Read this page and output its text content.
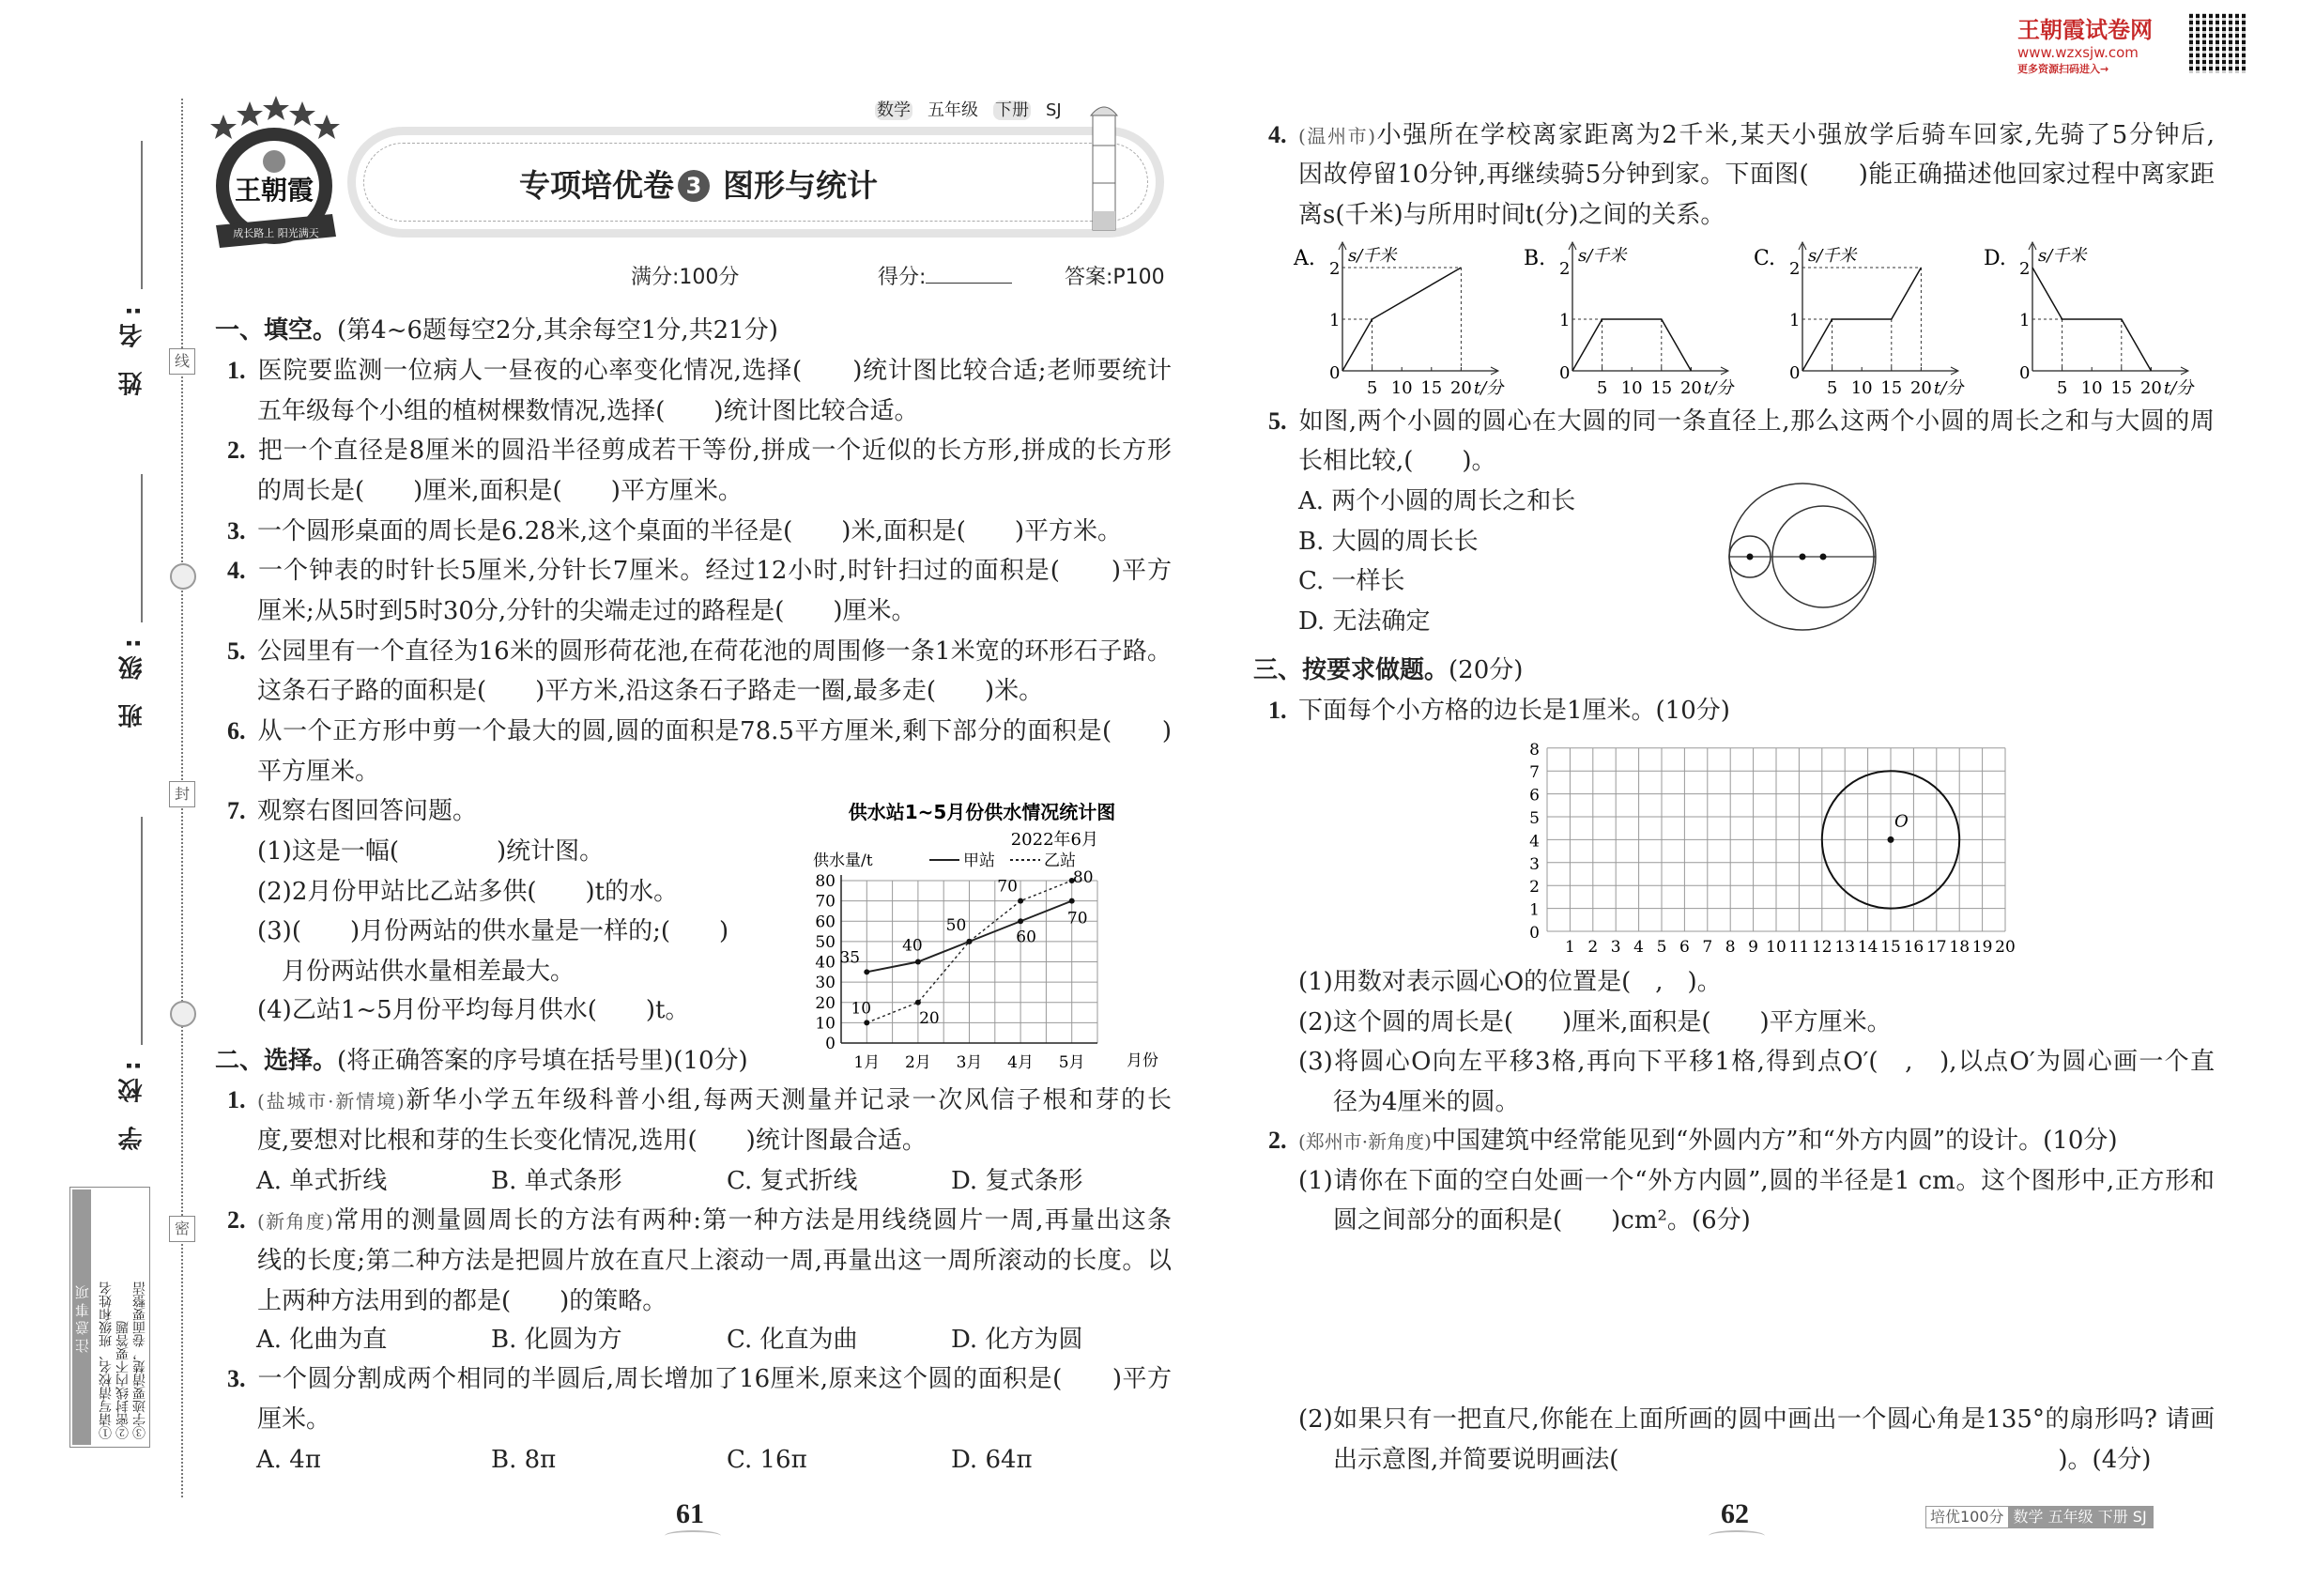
王朝霞试卷网
www.wzxsjw.com
更多资源扫码进入→
线
封
密
姓 名:
班 级:
学 校:
注意事项 ①请写清校名、班级和姓名 ②密封线内不要答题 ③字迹要清楚，卷面要整洁
王朝霞
成长路上 阳光满天
数学 五年级 下册 SJ
专项培优卷 3 图形与统计
满分:100分	得分:	答案:P100
一、填空。(第4~6题每空2分,其余每空1分,共21分)
1. 医院要监测一位病人一昼夜的心率变化情况,选择(　　)统计图比较合适;老师要统计
五年级每个小组的植树棵数情况,选择(　　)统计图比较合适。
2. 把一个直径是8厘米的圆沿半径剪成若干等份,拼成一个近似的长方形,拼成的长方形
的周长是(　　)厘米,面积是(　　)平方厘米。
3. 一个圆形桌面的周长是6.28米,这个桌面的半径是(　　)米,面积是(　　)平方米。
4. 一个钟表的时针长5厘米,分针长7厘米。经过12小时,时针扫过的面积是(　　)平方
厘米;从5时到5时30分,分针的尖端走过的路程是(　　)厘米。
5. 公园里有一个直径为16米的圆形荷花池,在荷花池的周围修一条1米宽的环形石子路。
这条石子路的面积是(　　)平方米,沿这条石子路走一圈,最多走(　　)米。
6. 从一个正方形中剪一个最大的圆,圆的面积是78.5平方厘米,剩下部分的面积是(　　)
平方厘米。
7. 观察右图回答问题。
(1)这是一幅(　　　　)统计图。
(2)2月份甲站比乙站多供(　　)t的水。
(3)(　　)月份两站的供水量是一样的;(　　)
月份两站供水量相差最大。
(4)乙站1~5月份平均每月供水(　　)t。
供水站1~5月份供水情况统计图
2022年6月
供水量/t	甲站	乙站
月份
0
10
20
30
40
50
60
70
80
1月 2月 3月 4月 5月
35
40
50
60
70
10
20
70	80
二、选择。(将正确答案的序号填在括号里)(10分)
1. (盐城市·新情境)新华小学五年级科普小组,每两天测量并记录一次风信子根和芽的长
度,要想对比根和芽的生长变化情况,选用(　　)统计图最合适。
A. 单式折线	B. 单式条形	C. 复式折线	D. 复式条形
2. (新角度)常用的测量圆周长的方法有两种:第一种方法是用线绕圆片一周,再量出这条
线的长度;第二种方法是把圆片放在直尺上滚动一周,再量出这一周所滚动的长度。以
上两种方法用到的都是(　　)的策略。
A. 化曲为直	B. 化圆为方	C. 化直为曲	D. 化方为圆
3. 一个圆分割成两个相同的半圆后,周长增加了16厘米,原来这个圆的面积是(　　)平方
厘米。
A. 4π	B. 8π	C. 16π	D. 64π
61
4. (温州市)小强所在学校离家距离为2千米,某天小强放学后骑车回家,先骑了5分钟后,
因故停留10分钟,再继续骑5分钟到家。下面图(　　)能正确描述他回家过程中离家距
离s(千米)与所用时间t(分)之间的关系。
A. s/千米
0
1
2
5 10 15 20 t/分
B. s/千米
0
1
2
5 10 15 20 t/分
C. s/千米
0
1
2
5 10 15 20 t/分
D. s/千米
0
1
2
5 10 15 20 t/分
5. 如图,两个小圆的圆心在大圆的同一条直径上,那么这两个小圆的周长之和与大圆的周
长相比较,(　　)。
A. 两个小圆的周长之和长
B. 大圆的周长长
C. 一样长
D. 无法确定
三、按要求做题。(20分)
1. 下面每个小方格的边长是1厘米。(10分)
1 2 3 4 5 6 7 8 9 10 11 12 13 14 15 16 17 18 19 20
0
1
2
3
4
5
6
7
8
O
(1)用数对表示圆心O的位置是(　,　)。
(2)这个圆的周长是(　　)厘米,面积是(　　)平方厘米。
(3)将圆心O向左平移3格,再向下平移1格,得到点O′(　,　),以点O′为圆心画一个直
径为4厘米的圆。
2. (郑州市·新角度)中国建筑中经常能见到“外圆内方”和“外方内圆”的设计。(10分)
(1)请你在下面的空白处画一个“外方内圆”,圆的半径是1 cm。这个图形中,正方形和
圆之间部分的面积是(　　)cm²。(6分)
(2)如果只有一把直尺,你能在上面所画的圆中画出一个圆心角是135°的扇形吗? 请画
出示意图,并简要说明画法(　　　　　　　　　　　　　　　　　　)。(4分)
62	培优100分 数学 五年级 下册 SJ
